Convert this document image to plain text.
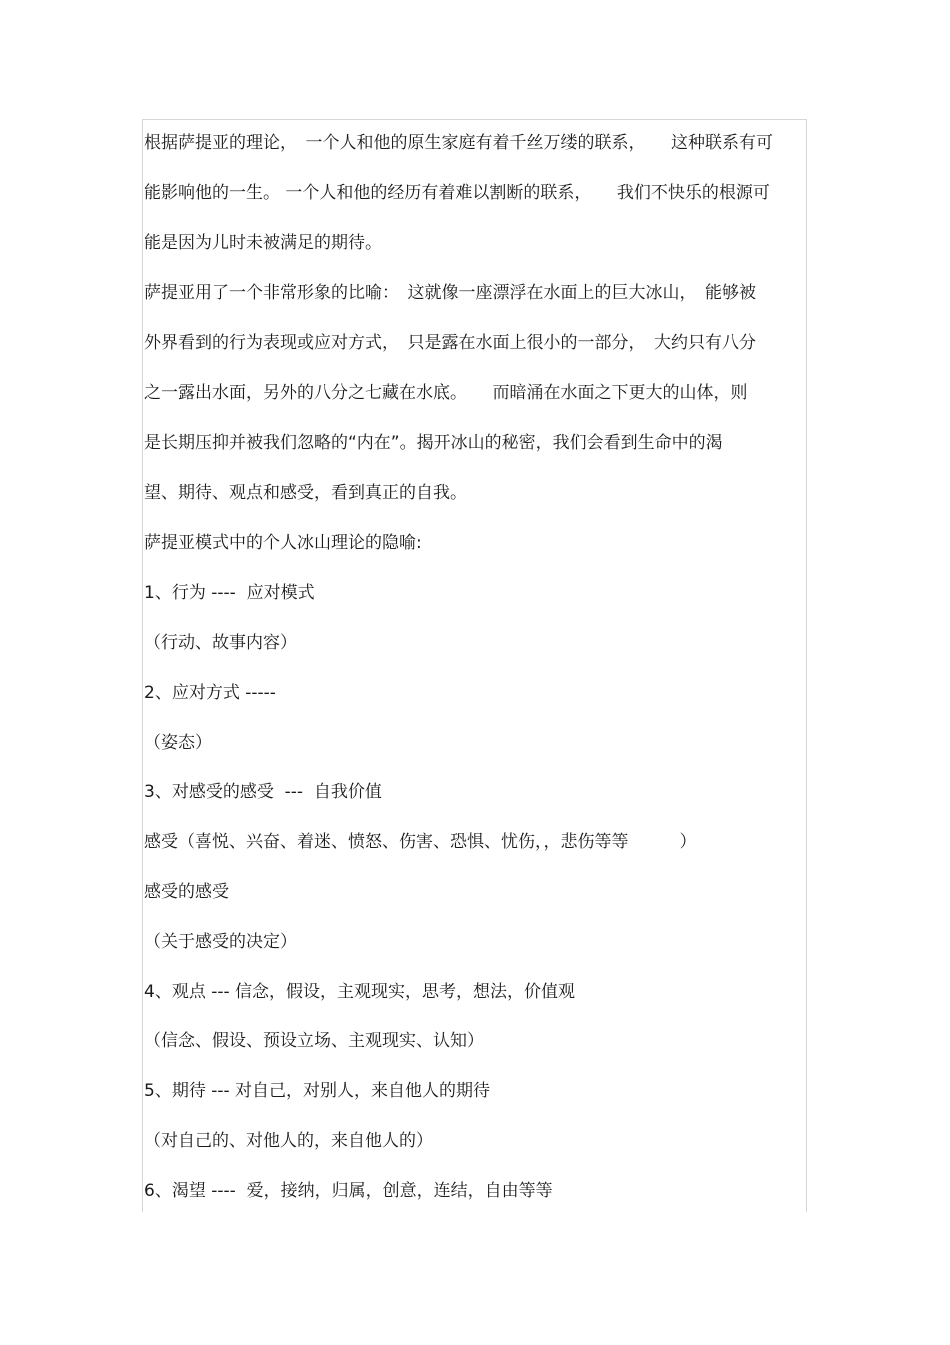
根据萨提亚的理论，　一个人和他的原生家庭有着千丝万缕的联系，　　这种联系有可

能影响他的一生。 一个人和他的经历有着难以割断的联系，　　我们不快乐的根源可

能是因为儿时未被满足的期待。

萨提亚用了一个非常形象的比喻：　这就像一座漂浮在水面上的巨大冰山，　能够被

外界看到的行为表现或应对方式，　只是露在水面上很小的一部分，　大约只有八分

之一露出水面，另外的八分之七藏在水底。　　而暗涌在水面之下更大的山体，则

是长期压抑并被我们忽略的“内在”。揭开冰山的秘密，我们会看到生命中的渴

望、期待、观点和感受，看到真正的自我。

萨提亚模式中的个人冰山理论的隐喻:

1、行为 ----  应对模式

（行动、故事内容）

2、应对方式 -----

（姿态）

3、对感受的感受  ---  自我价值

感受（喜悦、兴奋、着迷、愤怒、伤害、恐惧、忧伤，，悲伤等等　　　）

感受的感受

（关于感受的决定）

4、观点 --- 信念，假设，主观现实，思考，想法，价值观

（信念、假设、预设立场、主观现实、认知）

5、期待 --- 对自己，对别人，来自他人的期待

（对自己的、对他人的，来自他人的）

6、渴望 ----  爱，接纳，归属，创意，连结，自由等等
